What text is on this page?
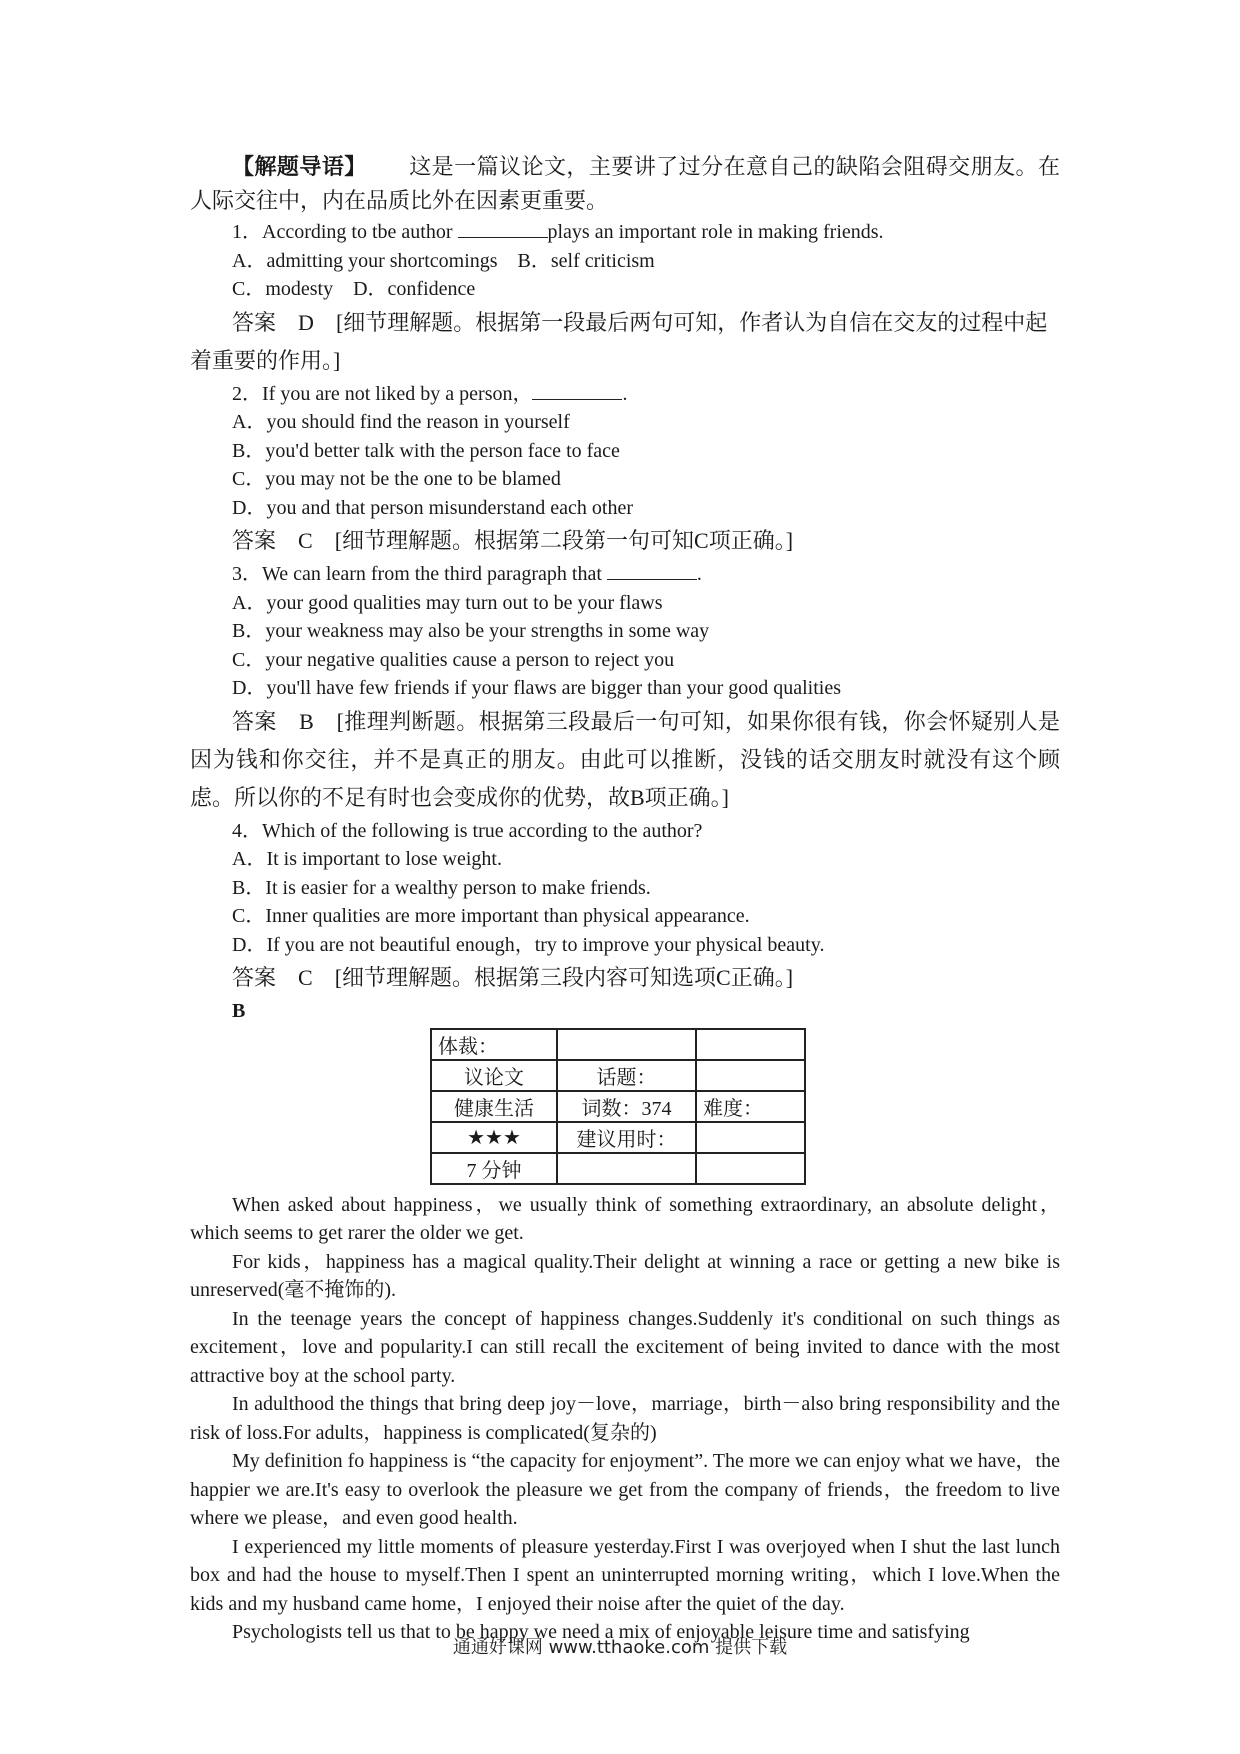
【解题导语】 这是一篇议论文，主要讲了过分在意自己的缺陷会阻碍交朋友。在人际交往中，内在品质比外在因素更重要。

1．According to tbe author	plays an important role in making friends.

A．admitting your shortcomings　B．self criticism

C．modesty　D．confidence

答案　 D　 [细节理解题。根据第一段最后两句可知，作者认为自信在交友的过程中起着重要的作用。]

2．If you are not liked by a person，	.

A．you should find the reason in yourself

B．you'd better talk with the person face to face

C．you may not be the one to be blamed

D．you and that person misunderstand each other

答案　 C　 [细节理解题。根据第二段第一句可知C项正确。]

3．We can learn from the third paragraph that	.

A．your good qualities may turn out to be your flaws

B．your weakness may also be your strengths in some way

C．your negative qualities cause a person to reject you

D．you'll have few friends if your flaws are bigger than your good qualities

答案　 B　 [推理判断题。根据第三段最后一句可知，如果你很有钱，你会怀疑别人是因为钱和你交往，并不是真正的朋友。由此可以推断，没钱的话交朋友时就没有这个顾虑。所以你的不足有时也会变成你的优势，故B项正确。]

4．Which of the following is true according to the author?

A．It is important to lose weight.

B．It is easier for a wealthy person to make friends.

C．Inner qualities are more important than physical appearance.

D．If you are not beautiful enough，try to improve your physical beauty.

答案　 C　 [细节理解题。根据第三段内容可知选项C正确。]

B

体裁：		
议论文	话题：	
健康生活	词数：374	难度：
★★★	建议用时：	
7 分钟		

When asked about happiness，we usually think of something extraordinary, an absolute delight，which seems to get rarer the older we get.

For kids，happiness has a magical quality.Their delight at winning a race or getting a new bike is unreserved(毫不掩饰的).

In the teenage years the concept of happiness changes.Suddenly it's conditional on such things as excitement，love and popularity.I can still recall the excitement of being invited to dance with the most attractive boy at the school party.

In adulthood the things that bring deep joy－love，marriage，birth－also bring responsibility and the risk of loss.For adults，happiness is complicated(复杂的)

My definition fo happiness is “the capacity for enjoyment”. The more we can enjoy what we have，the happier we are.It's easy to overlook the pleasure we get from the company of friends，the freedom to live where we please，and even good health.

I experienced my little moments of pleasure yesterday.First I was overjoyed when I shut the last lunch　box and had the house to myself.Then I spent an uninterrupted morning writing，which I love.When the kids and my husband came home，I enjoyed their noise after the quiet of the day.

Psychologists tell us that to be happy we need a mix of enjoyable leisure time and satisfying

通通好课网 www.tthaoke.com 提供下载
